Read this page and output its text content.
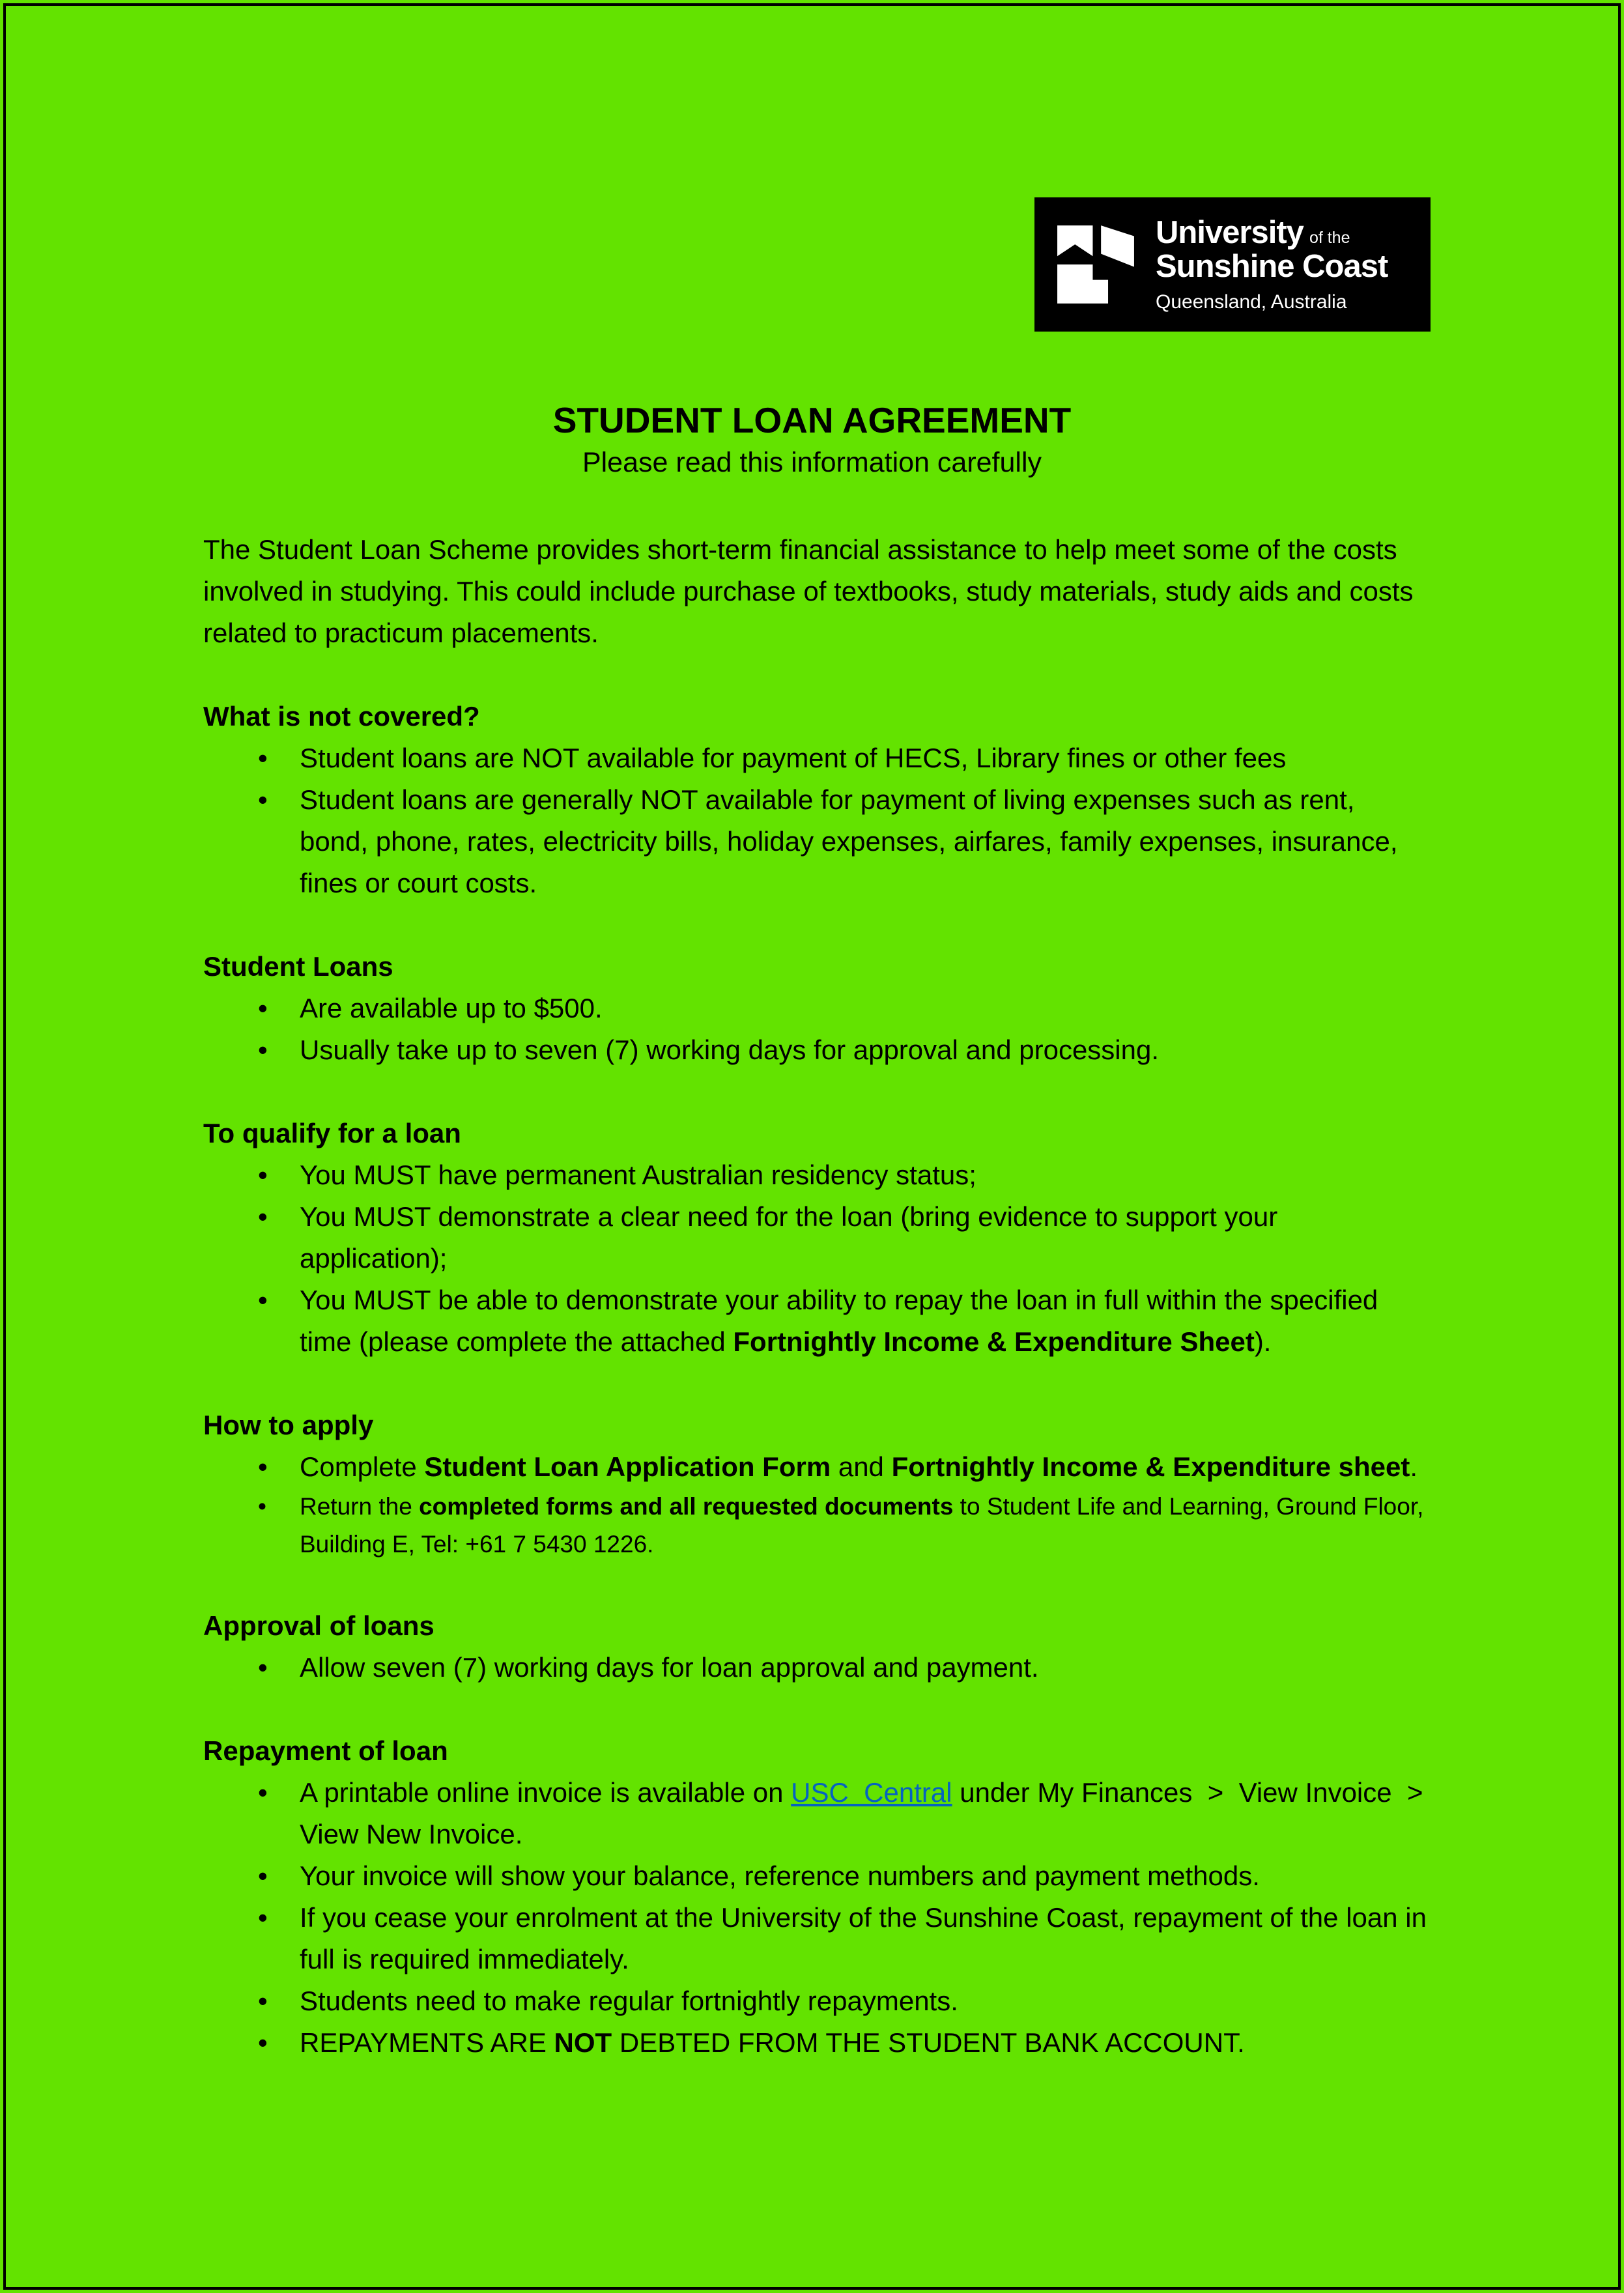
University of the
Sunshine Coast
Queensland, Australia
STUDENT LOAN AGREEMENT
Please read this information carefully

The Student Loan Scheme provides short-term financial assistance to help meet some of the costs involved in studying. This could include purchase of textbooks, study materials, study aids and costs related to practicum placements.

What is not covered?
• Student loans are NOT available for payment of HECS, Library fines or other fees
• Student loans are generally NOT available for payment of living expenses such as rent, bond, phone, rates, electricity bills, holiday expenses, airfares, family expenses, insurance, fines or court costs.
Student Loans
• Are available up to $500.
• Usually take up to seven (7) working days for approval and processing.
To qualify for a loan
• You MUST have permanent Australian residency status;
• You MUST demonstrate a clear need for the loan (bring evidence to support your application);
• You MUST be able to demonstrate your ability to repay the loan in full within the specified time (please complete the attached Fortnightly Income & Expenditure Sheet).
How to apply
• Complete Student Loan Application Form and Fortnightly Income & Expenditure sheet.
• Return the completed forms and all requested documents to Student Life and Learning, Ground Floor, Building E, Tel: +61 7 5430 1226.
Approval of loans
• Allow seven (7) working days for loan approval and payment.
Repayment of loan
• A printable online invoice is available on USC  Central under My Finances  >  View Invoice  >  View New Invoice.
• Your invoice will show your balance, reference numbers and payment methods.
• If you cease your enrolment at the University of the Sunshine Coast, repayment of the loan in full is required immediately.
• Students need to make regular fortnightly repayments.
• REPAYMENTS ARE NOT DEBTED FROM THE STUDENT BANK ACCOUNT.
